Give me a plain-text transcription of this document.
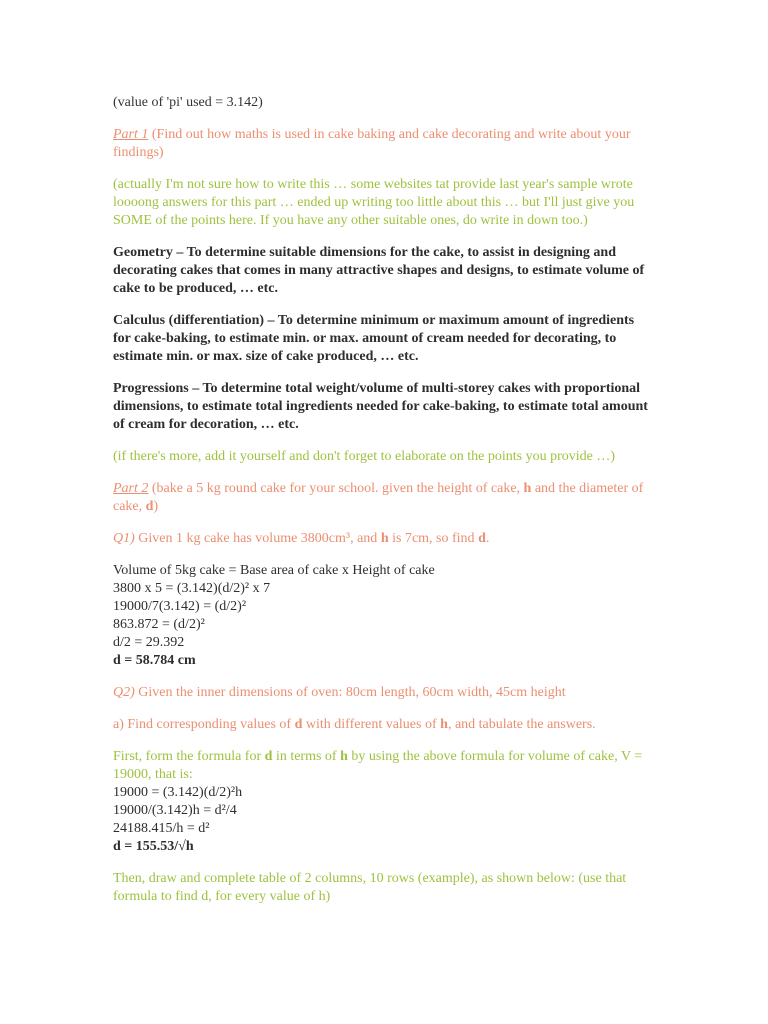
(value of 'pi' used = 3.142)

Part 1 (Find out how maths is used in cake baking and cake decorating and write about your findings)

(actually I'm not sure how to write this … some websites tat provide last year's sample wrote loooong answers for this part … ended up writing too little about this … but I'll just give you SOME of the points here. If you have any other suitable ones, do write in down too.)

Geometry – To determine suitable dimensions for the cake, to assist in designing and decorating cakes that comes in many attractive shapes and designs, to estimate volume of cake to be produced, … etc.

Calculus (differentiation) – To determine minimum or maximum amount of ingredients for cake-baking, to estimate min. or max. amount of cream needed for decorating, to estimate min. or max. size of cake produced, … etc.

Progressions – To determine total weight/volume of multi-storey cakes with proportional dimensions, to estimate total ingredients needed for cake-baking, to estimate total amount of cream for decoration, … etc.

(if there's more, add it yourself and don't forget to elaborate on the points you provide …)

Part 2 (bake a 5 kg round cake for your school. given the height of cake, h and the diameter of cake, d)

Q1) Given 1 kg cake has volume 3800cm³, and h is 7cm, so find d.

Volume of 5kg cake = Base area of cake x Height of cake
3800 x 5 = (3.142)(d/2)² x 7
19000/7(3.142) = (d/2)²
863.872 = (d/2)²
d/2 = 29.392
d = 58.784 cm

Q2) Given the inner dimensions of oven: 80cm length, 60cm width, 45cm height

a) Find corresponding values of d with different values of h, and tabulate the answers.

First, form the formula for d in terms of h by using the above formula for volume of cake, V = 19000, that is:
19000 = (3.142)(d/2)²h
19000/(3.142)h = d²/4
24188.415/h = d²
d = 155.53/√h

Then, draw and complete table of 2 columns, 10 rows (example), as shown below: (use that formula to find d, for every value of h)
